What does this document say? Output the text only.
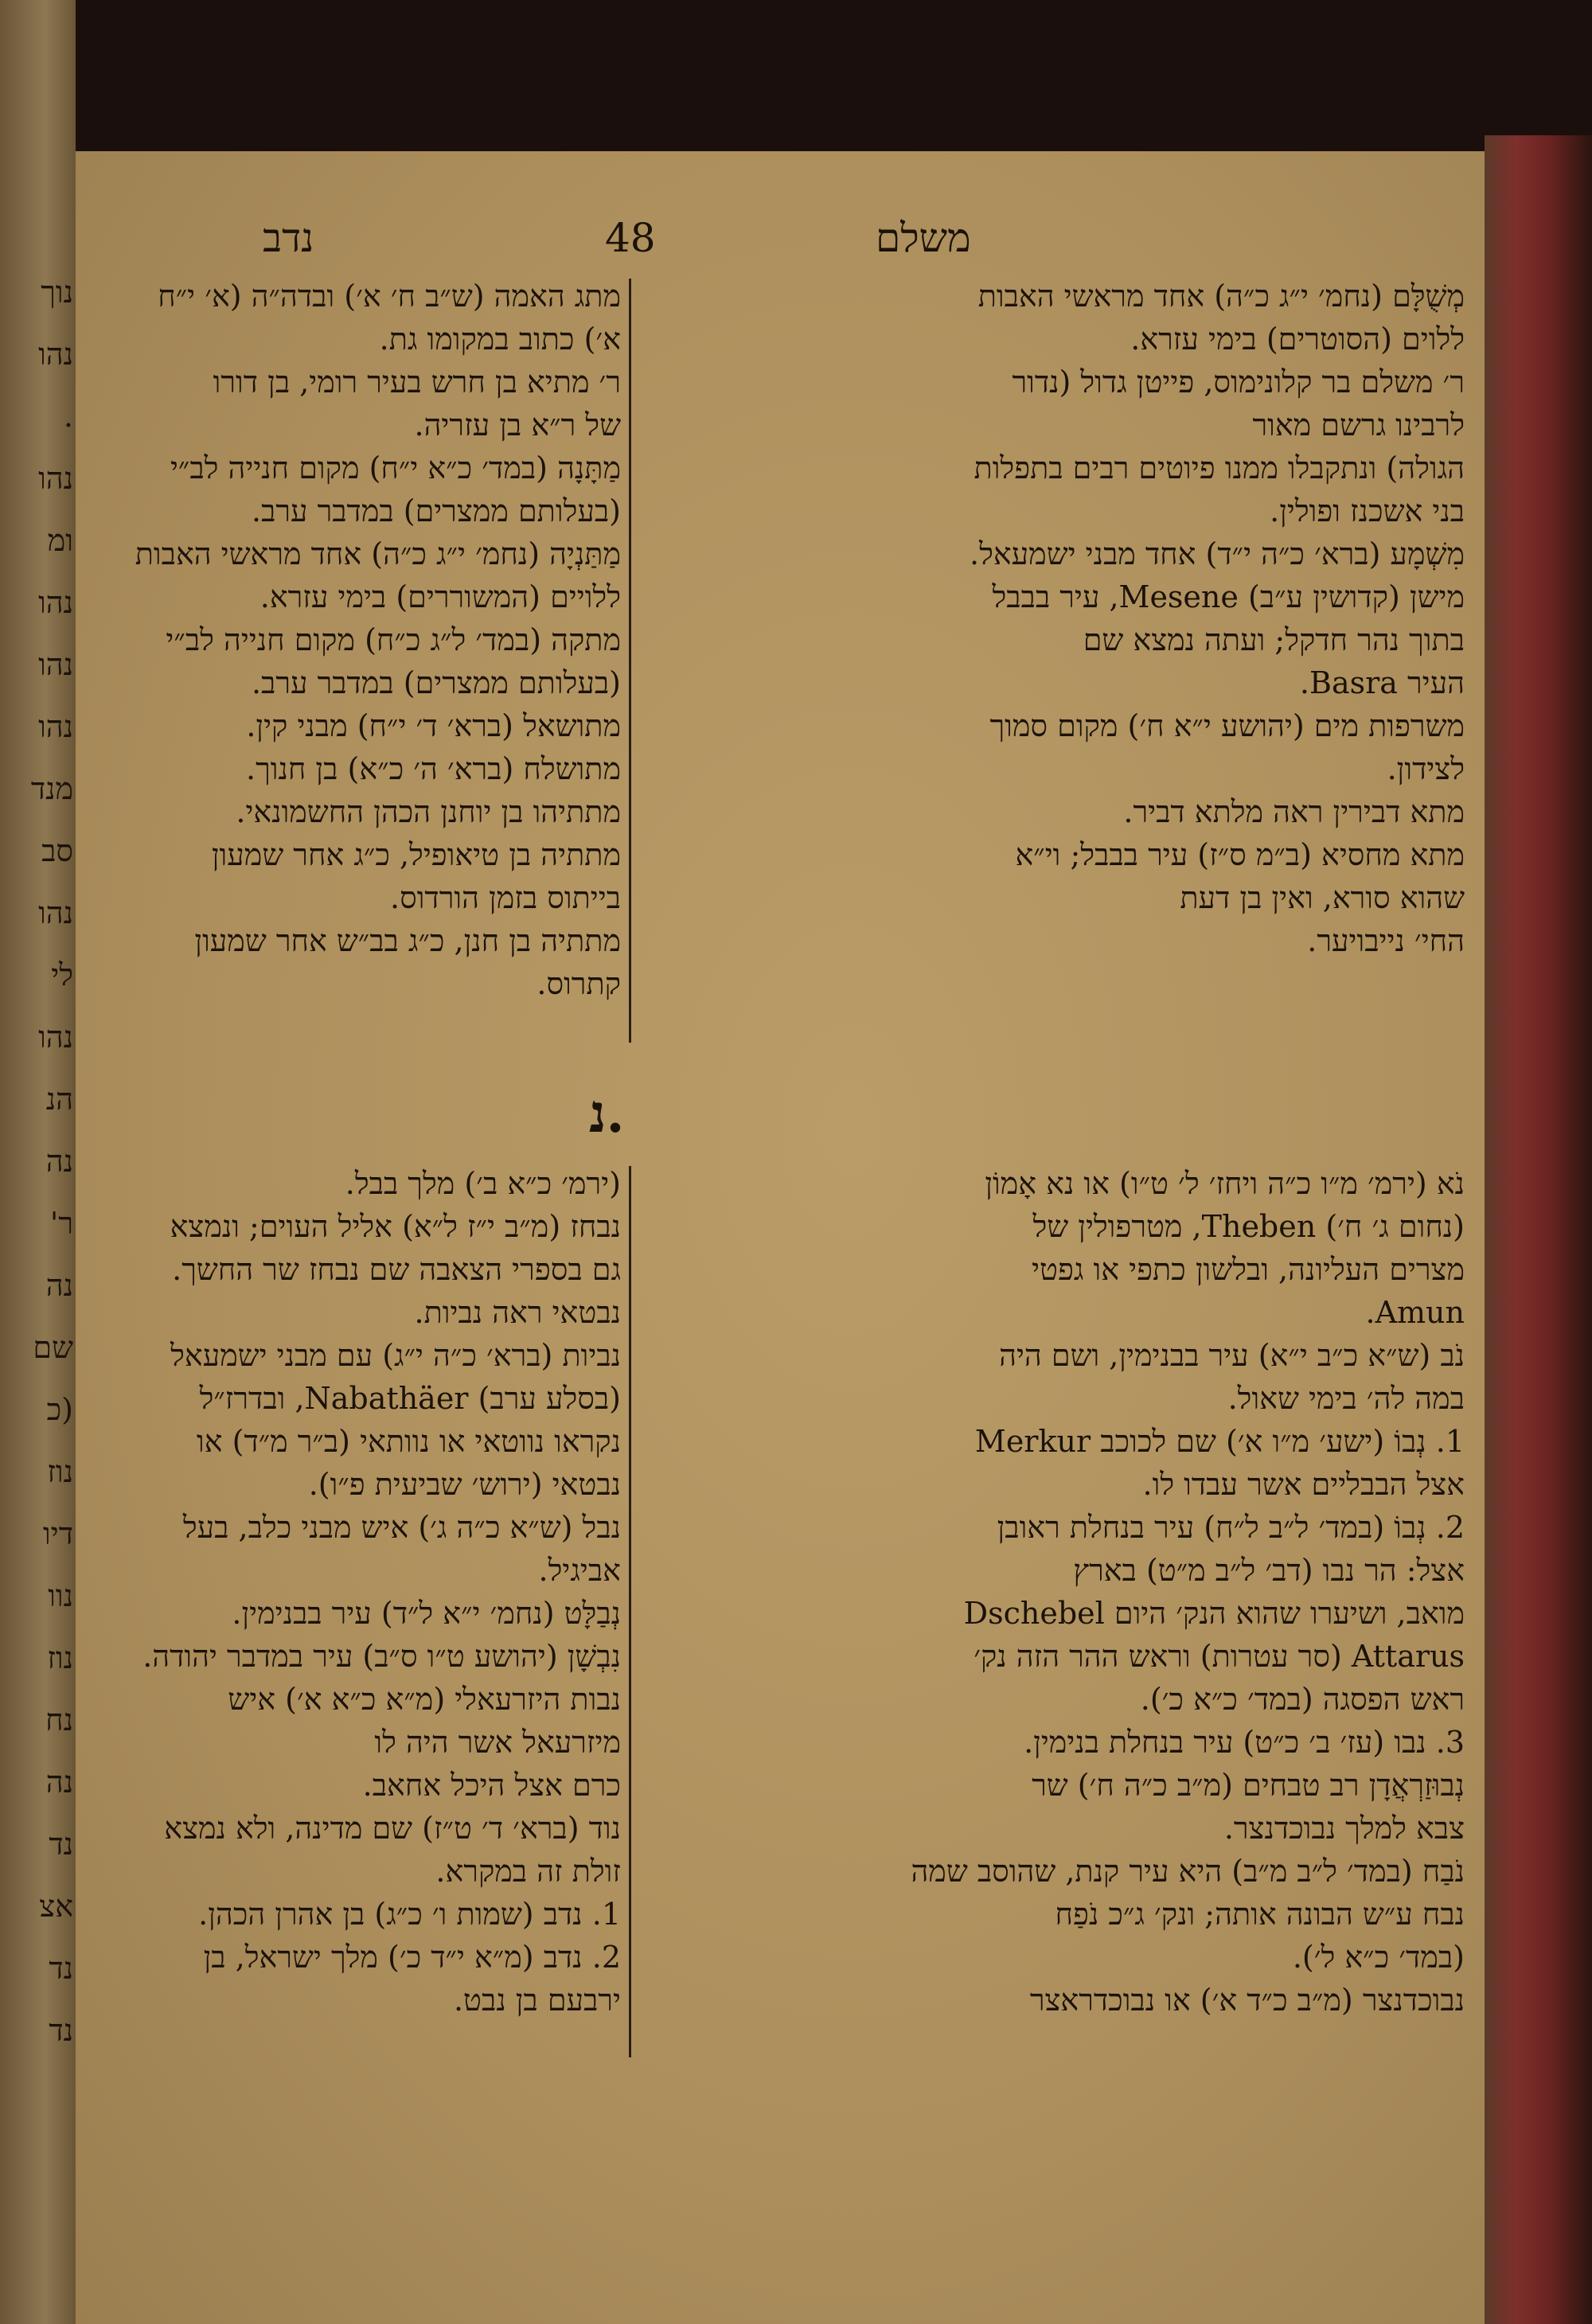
נוך
נהו
.
נהו
ומ
נהו
נהו
נהו
מנד
סב
נהו
לי
נהו
הנ
נה
ר'
נה
שם
(כ
נוז
דיו
נוו
נוז
נח
נה
נד
אצ
נד
נד
נדב	48	משלם
מְשֻׁלָּם (נחמ׳ י״ג כ״ה) אחד מראשי האבות
ללוים (הסוטרים) בימי עזרא.
ר׳ משלם בר קלונימוס, פייטן גדול (נדור
לרבינו גרשם מאור
הגולה) ונתקבלו ממנו פיוטים רבים בתפלות
בני אשכנז ופולין.
מִשְׁמָע (ברא׳ כ״ה י״ד) אחד מבני ישמעאל.
מישן (קדושין ע״ב) Mesene, עיר בבבל
בתוך נהר חדקל; ועתה נמצא שם
העיר Basra.
משרפות מים (יהושע י״א ח׳) מקום סמוך
לצידון.
מתא דבירין ראה מלתא דביר.
מתא מחסיא (ב״מ ס״ז) עיר בבבל; וי״א
שהוא סורא, ואין בן דעת
החי׳ נייבויער.
מתג האמה (ש״ב ח׳ א׳) ובדה״ה (א׳ י״ח
א׳) כתוב במקומו גת.
ר׳ מתיא בן חרש בעיר רומי, בן דורו
של ר״א בן עזריה.
מַתָּנָה (במד׳ כ״א י״ח) מקום חנייה לב״י
(בעלותם ממצרים) במדבר ערב.
מַתַּנְיָה (נחמ׳ י״ג כ״ה) אחד מראשי האבות
ללויים (המשוררים) בימי עזרא.
מתקה (במד׳ ל״ג כ״ח) מקום חנייה לב״י
(בעלותם ממצרים) במדבר ערב.
מתושאל (ברא׳ ד׳ י״ח) מבני קין.
מתושלח (ברא׳ ה׳ כ״א) בן חנוך.
מתתיהו בן יוחנן הכהן החשמונאי.
מתתיה בן טיאופיל, כ״ג אחר שמעון
בייתוס בזמן הורדוס.
מתתיה בן חנן, כ״ג בב״ש אחר שמעון
קתרוס.
נ.
נֹא (ירמ׳ מ״ו כ״ה ויחז׳ ל׳ ט״ו) או נא אָמוֹן
(נחום ג׳ ח׳) Theben, מטרפולין של
מצרים העליונה, ובלשון כתפי או גפטי
Amun.
נֹב (ש״א כ״ב י״א) עיר בבנימין, ושם היה
במה לה׳ בימי שאול.
1. נְבוֹ (ישע׳ מ״ו א׳) שם לכוכב Merkur
אצל הבבליים אשר עבדו לו.
2. נְבוֹ (במד׳ ל״ב ל״ח) עיר בנחלת ראובן
אצל: הר נבו (דב׳ ל״ב מ״ט) בארץ
מואב, ושיערו שהוא הנק׳ היום Dschebel
Attarus (סר עטרות) וראש ההר הזה נק׳
ראש הפסגה (במד׳ כ״א כ׳).
3. נבו (עז׳ ב׳ כ״ט) עיר בנחלת בנימין.
נְבוּזַרְאֲדָן רב טבחים (מ״ב כ״ה ח׳) שר
צבא למלך נבוכדנצר.
נֹבַח (במד׳ ל״ב מ״ב) היא עיר קנת, שהוסב שמה
נבח ע״ש הבונה אותה; ונק׳ ג״כ נֹפַח
(במד׳ כ״א ל׳).
נבוכדנצר (מ״ב כ״ד א׳) או נבוכדראצר
(ירמ׳ כ״א ב׳) מלך בבל.
נבחז (מ״ב י״ז ל״א) אליל העוים; ונמצא
גם בספרי הצאבה שם נבחז שר החשך.
נבטאי ראה נביות.
נביות (ברא׳ כ״ה י״ג) עם מבני ישמעאל
(בסלע ערב) Nabathäer, ובדרז״ל
נקראו נווטאי או נוותאי (ב״ר מ״ד) או
נבטאי (ירוש׳ שביעית פ״ו).
נבל (ש״א כ״ה ג׳) איש מבני כלב, בעל
אביגיל.
נְבַלָּט (נחמ׳ י״א ל״ד) עיר בבנימין.
נִבְשָׁן (יהושע ט״ו ס״ב) עיר במדבר יהודה.
נבות היזרעאלי (מ״א כ״א א׳) איש
מיזרעאל אשר היה לו
כרם אצל היכל אחאב.
נוד (ברא׳ ד׳ ט״ז) שם מדינה, ולא נמצא
זולת זה במקרא.
1. נדב (שמות ו׳ כ״ג) בן אהרן הכהן.
2. נדב (מ״א י״ד כ׳) מלך ישראל, בן
ירבעם בן נבט.
